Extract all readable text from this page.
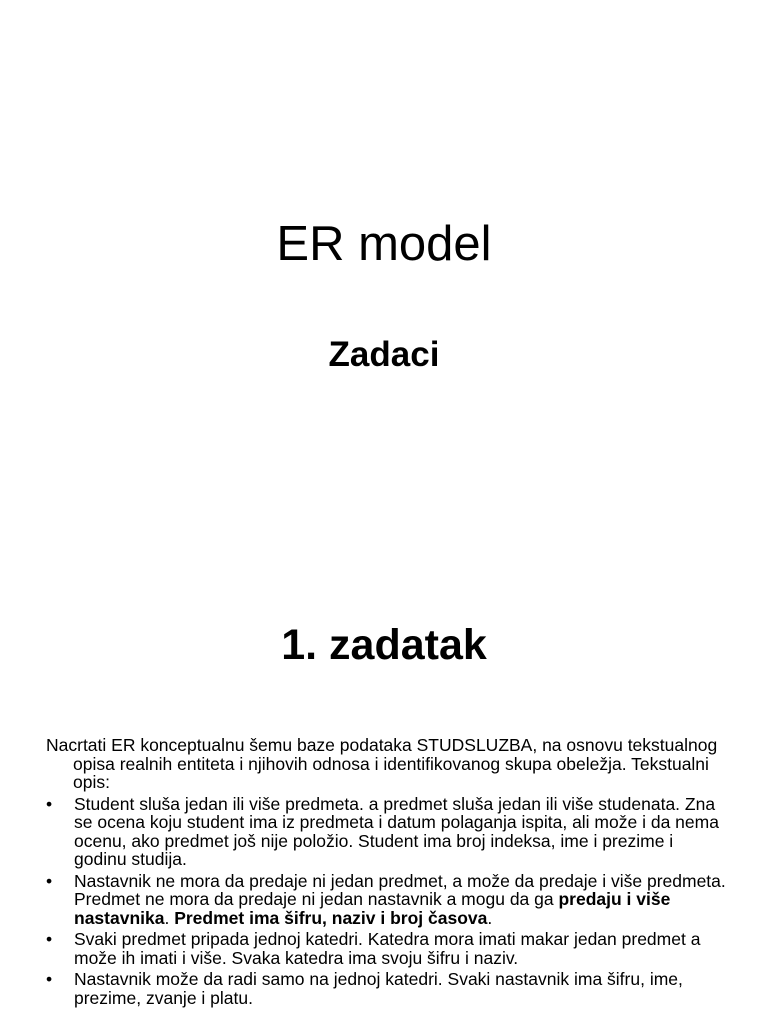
ER model
Zadaci
1. zadatak

Nacrtati ER konceptualnu šemu baze podataka STUDSLUZBA, na osnovu tekstualnog opisa realnih entiteta i njihovih odnosa i identifikovanog skupa obeležja. Tekstualni opis:

•	Student sluša jedan ili više predmeta. a predmet sluša jedan ili više studenata. Zna se ocena koju student ima iz predmeta i datum polaganja ispita, ali može i da nema ocenu, ako predmet još nije položio. Student ima broj indeksa, ime i prezime i godinu studija.
•	Nastavnik ne mora da predaje ni jedan predmet, a može da predaje i više predmeta. Predmet ne mora da predaje ni jedan nastavnik a mogu da ga predaju i više nastavnika. Predmet ima šifru, naziv i broj časova.
•	Svaki predmet pripada jednoj katedri. Katedra mora imati makar jedan predmet a može ih imati i više. Svaka katedra ima svoju šifru i naziv.
•	Nastavnik može da radi samo na jednoj katedri. Svaki nastavnik ima šifru, ime, prezime, zvanje i platu.
